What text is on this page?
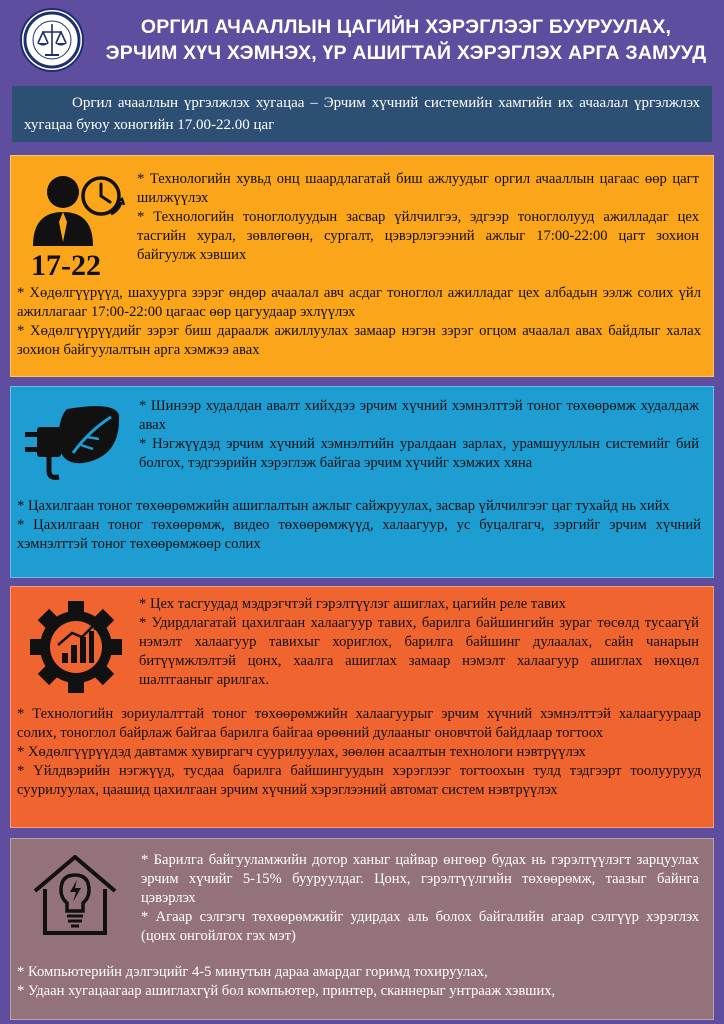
ОРГИЛ АЧААЛЛЫН ЦАГИЙН ХЭРЭГЛЭЭГ БУУРУУЛАХ,
ЭРЧИМ ХҮЧ ХЭМНЭХ, ҮР АШИГТАЙ ХЭРЭГЛЭХ АРГА ЗАМУУД

Оргил ачааллын үргэлжлэх хугацаа – Эрчим хүчний системийн хамгийн их ачаалал үргэлжлэх хугацаа буюу хоногийн 17.00-22.00 цаг

17-22

* Технологийн хувьд онц шаардлагатай биш ажлуудыг оргил ачааллын цагаас өөр цагт шилжүүлэх

* Технологийн тоноглолуудын засвар үйлчилгээ, эдгээр тоноглолууд ажилладаг цех тасгийн хурал, зөвлөгөөн, сургалт, цэвэрлэгээний ажлыг 17:00-22:00 цагт зохион байгуулж хэвших

* Хөдөлгүүрүүд, шахуурга зэрэг өндөр ачаалал авч асдаг тоноглол ажилладаг цех албадын ээлж солих үйл ажиллагааг 17:00-22:00 цагаас өөр цагуудаар эхлүүлэх

* Хөдөлгүүрүүдийг зэрэг биш дараалж ажиллуулах замаар нэгэн зэрэг огцом ачаалал авах байдлыг халах зохион байгуулалтын арга хэмжээ авах

* Шинээр худалдан авалт хийхдээ эрчим хүчний хэмнэлттэй тоног төхөөрөмж худалдаж авах

* Нэгжүүдэд эрчим хүчний хэмнэлтийн уралдаан зарлах, урамшууллын системийг бий болгох, тэдгээрийн хэрэглэж байгаа эрчим хүчийг хэмжих хяна

* Цахилгаан тоног төхөөрөмжийн ашиглалтын ажлыг сайжруулах, засвар үйлчилгээг цаг тухайд нь хийх

* Цахилгаан тоног төхөөрөмж, видео төхөөрөмжүүд, халаагуур, ус буцалгагч, зэргийг эрчим хүчний хэмнэлттэй тоног төхөөрөмжөөр солих

* Цех тасгуудад мэдрэгчтэй гэрэлтүүлэг ашиглах, цагийн реле тавих

* Удирдлагатай цахилгаан халаагуур тавих, барилга байшингийн зураг төсөлд тусаагүй нэмэлт халаагуур тавихыг хориглох, барилга байшинг дулаалах, сайн чанарын битүүмжлэлтэй цонх, хаалга ашиглах замаар нэмэлт халаагуур ашиглах нөхцөл шалтгааныг арилгах.

* Технологийн зориулалттай тоног төхөөрөмжийн халаагуурыг эрчим хүчний хэмнэлттэй халаагуураар солих, тоноглол байрлаж байгаа барилга байгаа өрөөний дулааныг оновчтой байдлаар тогтоох

* Хөдөлгүүрүүдэд давтамж хувиргагч суурилуулах, зөөлөн асаалтын технологи нэвтрүүлэх

* Үйлдвэрийн нэгжүүд, тусдаа барилга байшингуудын хэрэглээг тогтоохын тулд тэдгээрт тоолуурууд суурилуулах, цаашид цахилгаан эрчим хүчний хэрэглээний автомат систем нэвтрүүлэх

* Барилга байгууламжийн дотор ханыг цайвар өнгөөр будах нь гэрэлтүүлэгт зарцуулах эрчим хүчийг 5-15% бууруулдаг. Цонх, гэрэлтүүлгийн төхөөрөмж, таазыг байнга цэвэрлэх

* Агаар сэлгэгч төхөөрөмжийг удирдах аль болох байгалийн агаар сэлгүүр хэрэглэх (цонх онгойлгох гэх мэт)

* Компьютерийн дэлгэцийг 4-5 минутын дараа амардаг горимд тохируулах,

* Удаан хугацаагаар ашиглахгүй бол компьютер, принтер, сканнерыг унтрааж хэвших,
